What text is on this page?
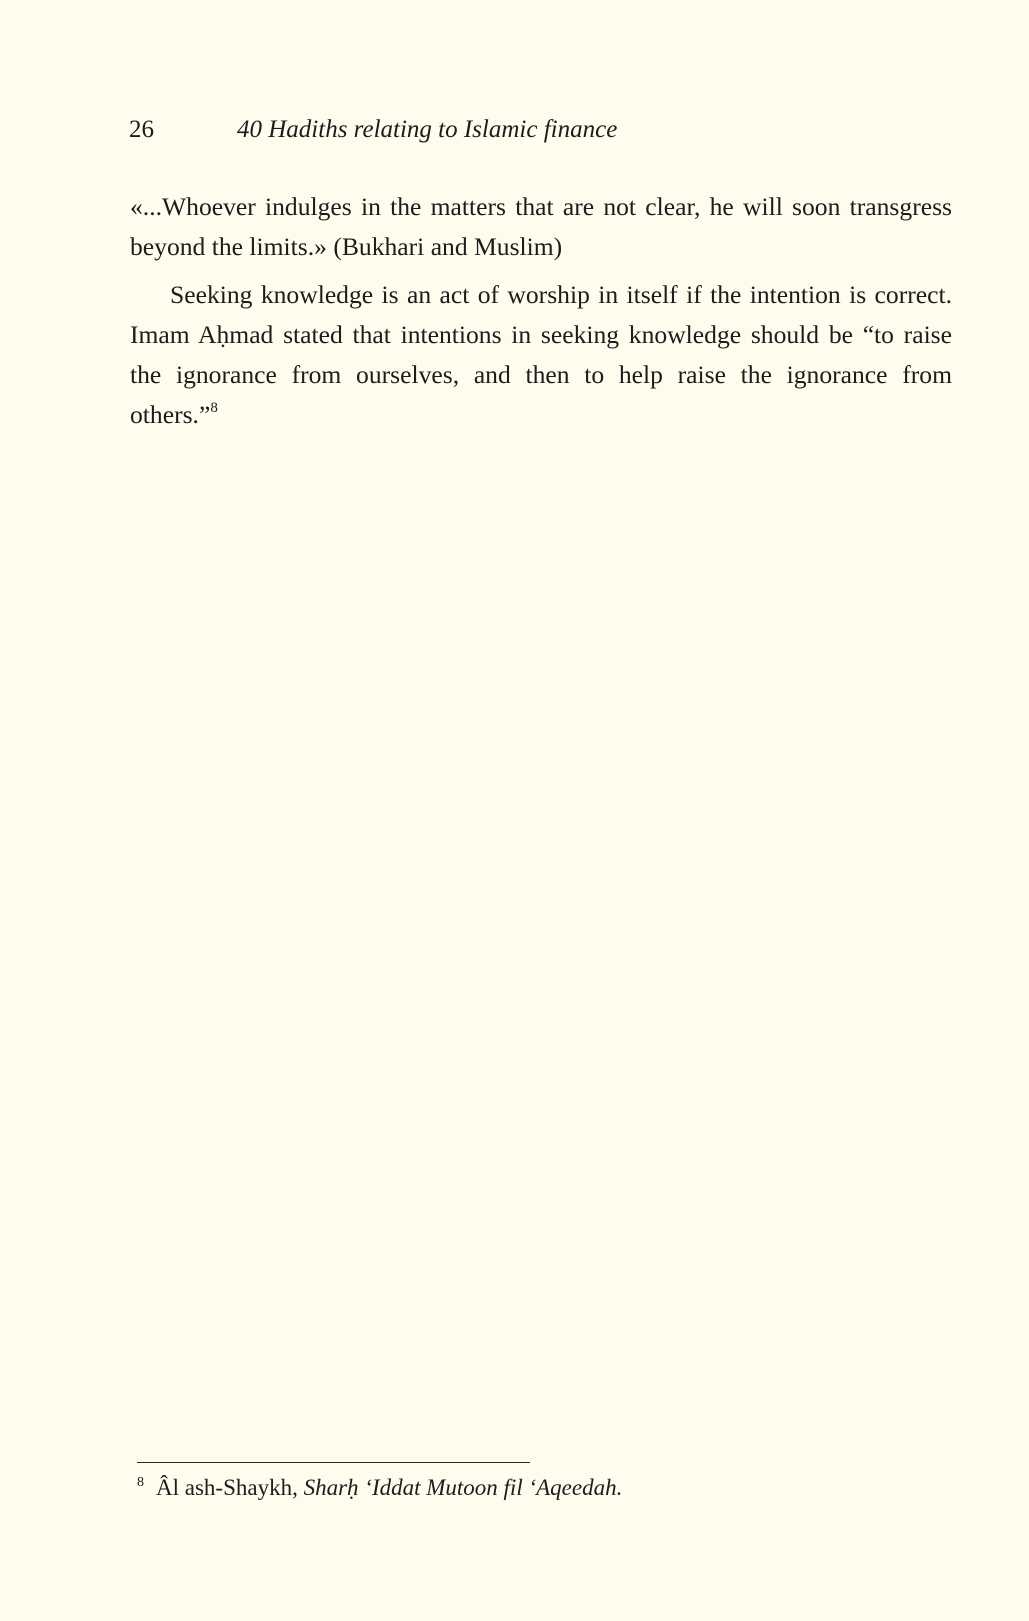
26	40 Hadiths relating to Islamic finance

«...Whoever indulges in the matters that are not clear, he will soon transgress beyond the limits.» (Bukhari and Muslim)

Seeking knowledge is an act of worship in itself if the intention is correct. Imam Aḥmad stated that intentions in seeking knowledge should be “to raise the ignorance from ourselves, and then to help raise the ignorance from others.”$^8$

$^8$ Âl ash-Shaykh, Sharḥ ‘Iddat Mutoon fil ‘Aqeedah.
